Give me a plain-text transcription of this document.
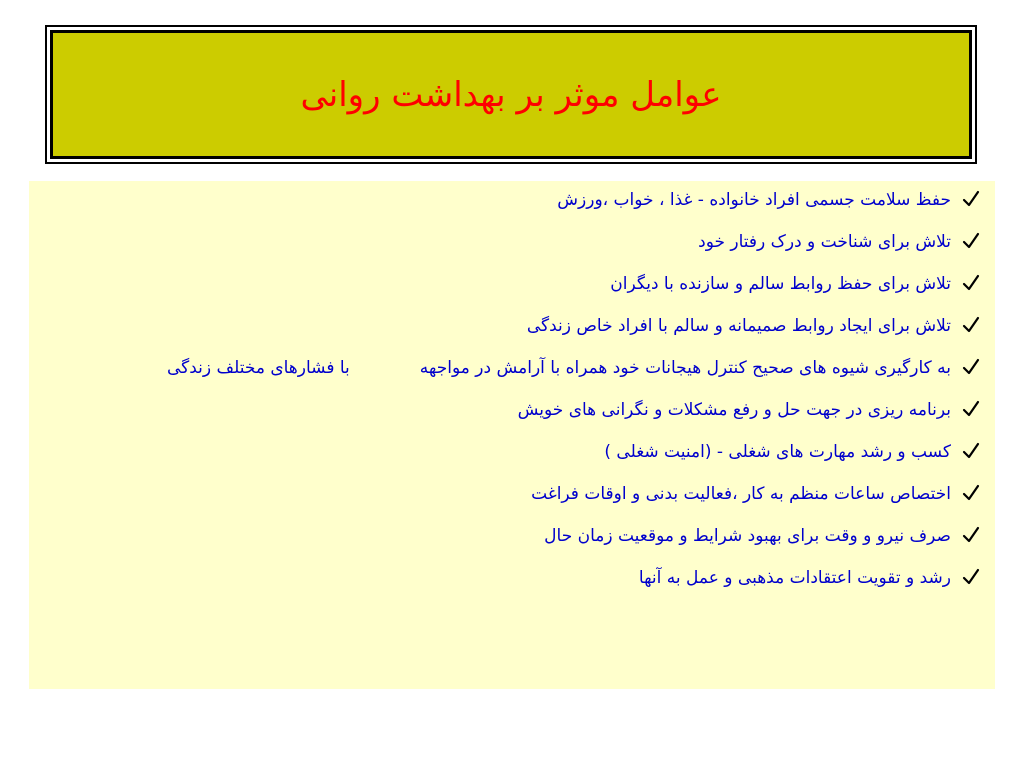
عوامل موثر بر بهداشت روانی
حفظ سلامت جسمی افراد خانواده - غذا ، خواب ،ورزش
تلاش برای شناخت و درک رفتار خود
تلاش برای حفظ روابط سالم و سازنده با دیگران
تلاش برای ایجاد روابط صمیمانه و سالم با افراد خاص زندگی
به کارگیری شیوه های صحیح کنترل هیجانات خود همراه با آرامش در مواجههبا فشارهای مختلف زندگی
برنامه ریزی در جهت حل و رفع مشکلات و نگرانی های خویش
کسب و رشد مهارت های شغلی - (امنیت شغلی )
اختصاص ساعات منظم به کار ،فعالیت بدنی و اوقات فراغت
صرف نیرو و وقت برای بهبود شرایط و موقعیت زمان حال
رشد و تقویت اعتقادات مذهبی و عمل به آنها
